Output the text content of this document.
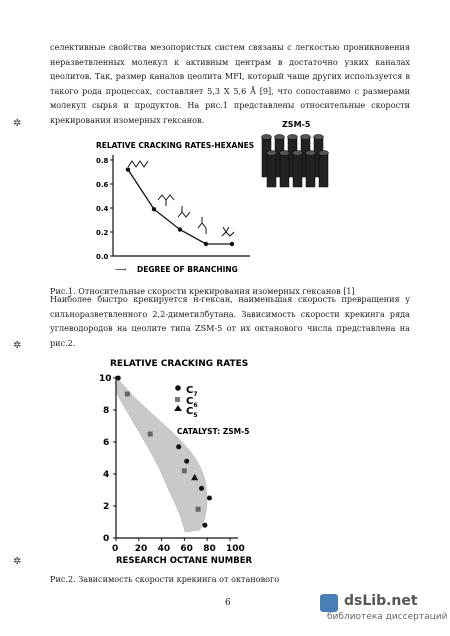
селективные свойства мезопористых систем связаны с легкостью проникновения неразветвленных молекул к активным центрам в достаточно узких каналах цеолитов. Так, размер каналов цеолита MFI, который чаще других используется в такого рода процессах, составляет 5,3 X 5,6 Å [9], что сопоставимо с размерами молекул сырья и продуктов. На рис.1 представлены относительные скорости крекирования изомерных гексанов.

RELATIVE CRACKING RATES-HEXANES
0.0
0.2
0.4
0.6
0.8
⟶ DEGREE OF BRANCHING
ZSM-5

Рис.1. Относительные скорости крекирования изомерных гексанов [1]

Наиболее быстро крекируется н-гексан, наименьшая скорость превращения у сильноразветвленного 2,2-диметилбутана. Зависимость скорости крекинга ряда углеводородов на цеолите типа ZSM-5 от их октанового числа представлена на рис.2.

RELATIVE CRACKING RATES
0 20 40 60 80 100
0
2
4
6
8
10
$C_7$
$C_6$
$C_5$
CATALYST: ZSM-5
RESEARCH OCTANE NUMBER

Рис.2. Зависимость скорости крекинга от октанового

6
✲
✲
✲
dsLib.net
библиотека диссертаций
